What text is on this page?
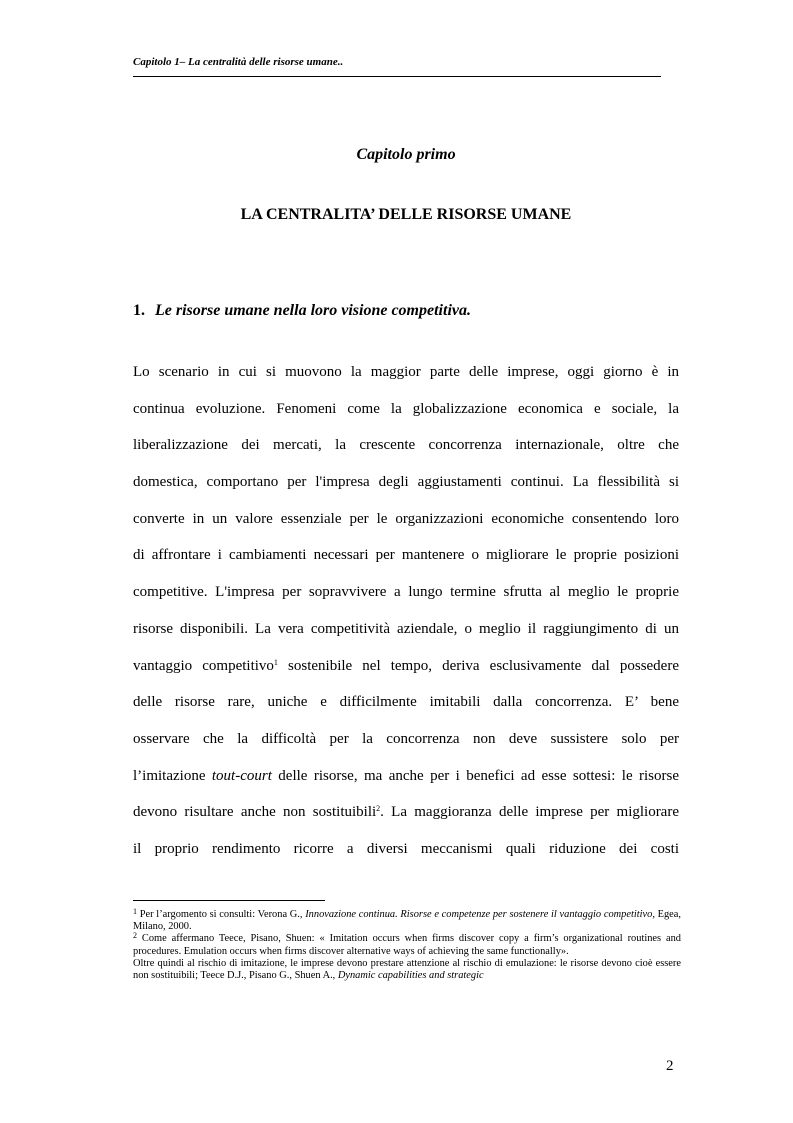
Capitolo 1– La centralità delle risorse umane..
Capitolo primo
LA CENTRALITA’ DELLE RISORSE UMANE
1. Le risorse umane nella loro visione competitiva.
Lo scenario in cui si muovono la maggior parte delle imprese, oggi giorno è in
continua evoluzione. Fenomeni come la globalizzazione economica e sociale, la
liberalizzazione dei mercati, la crescente concorrenza internazionale, oltre che
domestica, comportano per l'impresa degli aggiustamenti continui. La flessibilità si
converte in un valore essenziale per le organizzazioni economiche consentendo loro
di affrontare i cambiamenti necessari per mantenere o migliorare le proprie posizioni
competitive. L'impresa per sopravvivere a lungo termine sfrutta al meglio le proprie
risorse disponibili. La vera competitività aziendale, o meglio il raggiungimento di un
vantaggio competitivo$^1$ sostenibile nel tempo, deriva esclusivamente dal possedere
delle risorse rare, uniche e difficilmente imitabili dalla concorrenza. E’ bene
osservare che la difficoltà per la concorrenza non deve sussistere solo per
l’imitazione tout-court delle risorse, ma anche per i benefici ad esse sottesi: le risorse
devono risultare anche non sostituibili$^2$. La maggioranza delle imprese per migliorare
il proprio rendimento ricorre a diversi meccanismi quali riduzione dei costi

$^1$ Per l’argomento si consulti: Verona G., Innovazione continua. Risorse e competenze per sostenere il vantaggio competitivo, Egea, Milano, 2000.

$^2$ Come affermano Teece, Pisano, Shuen: « Imitation occurs when firms discover copy a firm’s organizational routines and procedures. Emulation occurs when firms discover alternative ways of achieving the same functionally».

Oltre quindi al rischio di imitazione, le imprese devono prestare attenzione al rischio di emulazione: le risorse devono cioè essere non sostituibili; Teece D.J., Pisano G., Shuen A., Dynamic capabilities and strategic

2
